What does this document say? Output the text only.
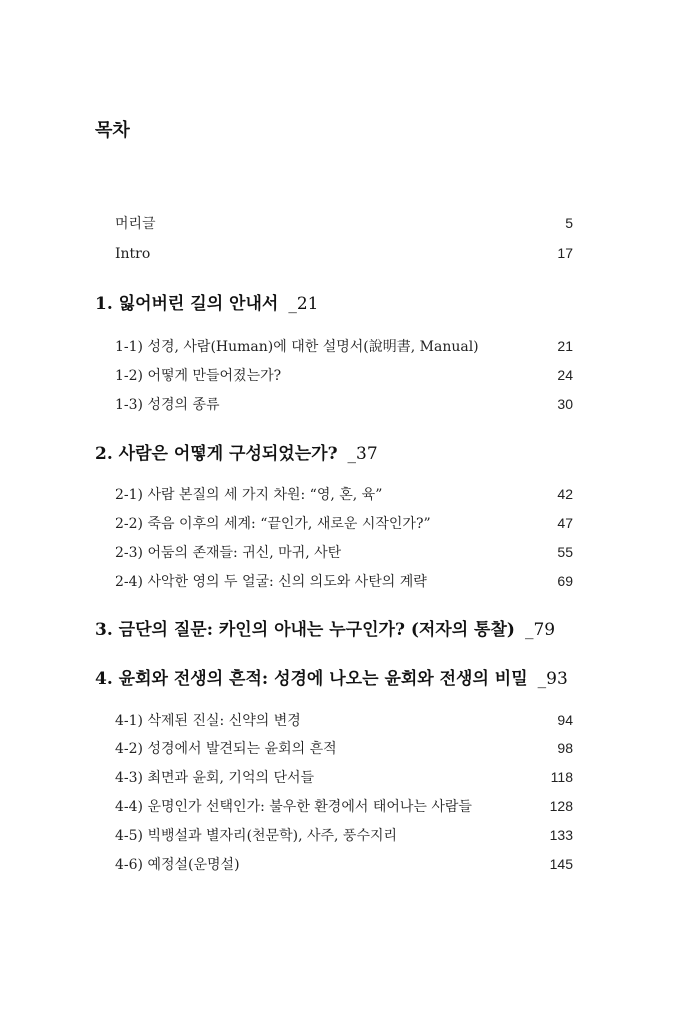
목차
머리글	5
Intro	17
1. 잃어버린 길의 안내서 _21
1-1) 성경, 사람(Human)에 대한 설명서(說明書, Manual)	21
1-2) 어떻게 만들어졌는가?	24
1-3) 성경의 종류	30
2. 사람은 어떻게 구성되었는가? _37
2-1) 사람 본질의 세 가지 차원: “영, 혼, 육”	42
2-2) 죽음 이후의 세계: “끝인가, 새로운 시작인가?”	47
2-3) 어둠의 존재들: 귀신, 마귀, 사탄	55
2-4) 사악한 영의 두 얼굴: 신의 의도와 사탄의 계략	69
3. 금단의 질문: 카인의 아내는 누구인가? (저자의 통찰) _79
4. 윤회와 전생의 흔적: 성경에 나오는 윤회와 전생의 비밀 _93
4-1) 삭제된 진실: 신약의 변경	94
4-2) 성경에서 발견되는 윤회의 흔적	98
4-3) 최면과 윤회, 기억의 단서들	118
4-4) 운명인가 선택인가: 불우한 환경에서 태어나는 사람들	128
4-5) 빅뱅설과 별자리(천문학), 사주, 풍수지리	133
4-6) 예정설(운명설)	145
